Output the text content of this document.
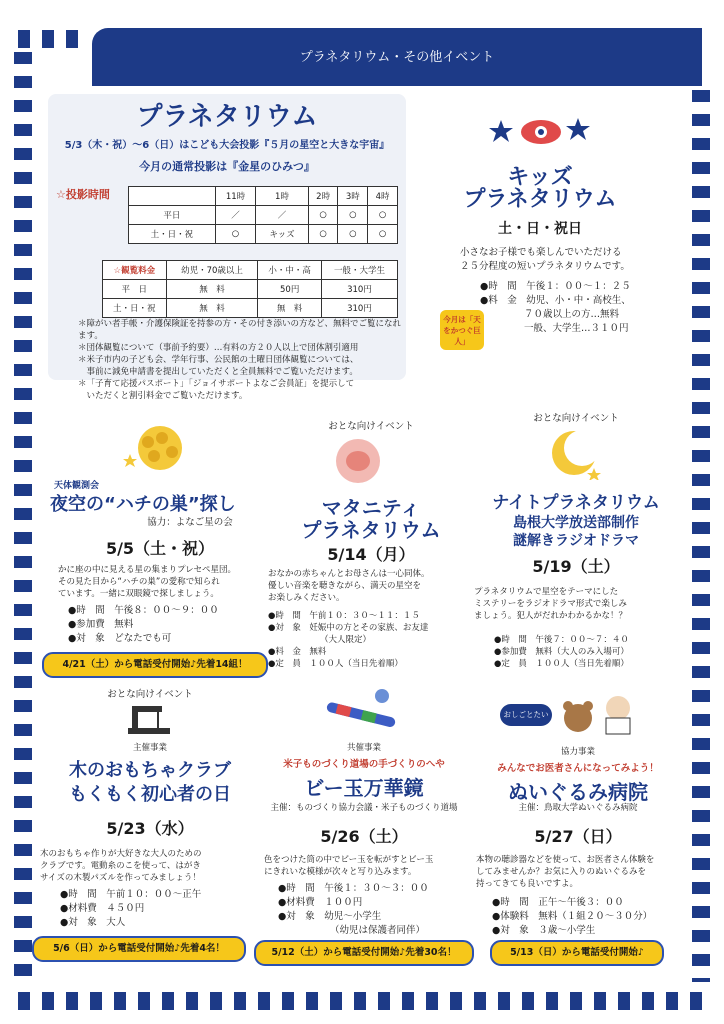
プラネタリウム・その他イベント
プラネタリウム
5/3（木・祝）～6（日）はこども大会投影『５月の星空と大きな宇宙』
今月の通常投影は『金星のひみつ』
☆投影時間
		11時	1時	2時	3時	4時
平日	／	／	○	○	○
土・日・祝	○	キッズ	○	○	○
☆観覧料金	幼児・70歳以上	小・中・高	一般・大学生
平　日	無　料	50円	310円
土・日・祝	無　料	無　料	310円
＊障がい者手帳・介護保険証を持参の方・その付き添いの方など、無料でご覧になれます。
＊団体観覧について（事前予約要）…有料の方２０人以上で団体割引適用
＊米子市内の子ども会、学年行事、公民館の土曜日団体観覧については、
　事前に減免申請書を提出していただくと全員無料でご覧いただけます。
＊「子育て応援パスポート」「ジョイサポートよなご会員証」を提示して
　いただくと割引料金でご覧いただけます。
キッズ
プラネタリウム
土・日・祝日
小さなお子様でも楽しんでいただける
２５分程度の短いプラネタリウムです。
●時　間　午後１：００～１：２５
●料　金　幼児、小・中・高校生、
７０歳以上の方…無料
一般、大学生…３１０円
今月は「天をかつぐ巨人」
天体観測会
夜空の“ハチの巣”探し
協力：よなご星の会
5/5（土・祝）
かに座の中に見える星の集まりプレセペ星団。
その見た目から“ハチの巣”の愛称で知られ
ています。一緒に双眼鏡で探しましょう。
●時　間　午後８：００～９：００
●参加費　無料
●対　象　どなたでも可
4/21（土）から電話受付開始♪先着14組！
おとな向けイベント
マタニティ
プラネタリウム
5/14（月）
おなかの赤ちゃんとお母さんは一心同体。
優しい音楽を聴きながら、満天の星空を
お楽しみください。
●時　間　午前１０：３０～１１：１５
●対　象　妊娠中の方とその家族、お友達
（大人限定）
●料　金　無料
●定　員　１００人（当日先着順）
おとな向けイベント
ナイトプラネタリウム
島根大学放送部制作
謎解きラジオドラマ
5/19（土）
プラネタリウムで星空をテーマにした
ミステリーをラジオドラマ形式で楽しみ
ましょう。犯人がだれかわかるかな！？
●時　間　午後７：００～７：４０
●参加費　無料（大人のみ入場可）
●定　員　１００人（当日先着順）
おとな向けイベント
主催事業
木のおもちゃクラブ
もくもく初心者の日
5/23（水）
木のおもちゃ作りが大好きな大人のための
クラブです。電動糸のこを使って、はがき
サイズの木製パズルを作ってみましょう！
●時　間　午前１０：００～正午
●材料費　４５０円
●対　象　大人
5/6（日）から電話受付開始♪先着4名！
共催事業
米子ものづくり道場の手づくりのへや
ビー玉万華鏡
主催：ものづくり協力会議・米子ものづくり道場
5/26（土）
色をつけた筒の中でビー玉を転がすとビー玉
にきれいな模様が次々と写り込みます。
●時　間　午後１：３０～３：００
●材料費　１００円
●対　象　幼児～小学生
（幼児は保護者同伴）
5/12（土）から電話受付開始♪先着30名！
おしごとたいけん
協力事業
みんなでお医者さんになってみよう！
ぬいぐるみ病院
主催：鳥取大学ぬいぐるみ病院
5/27（日）
本物の聴診器などを使って、お医者さん体験を
してみませんか？お気に入りのぬいぐるみを
持ってきても良いですよ。
●時　間　正午～午後３：００
●体験料　無料（１組２０～３０分）
●対　象　３歳～小学生
5/13（日）から電話受付開始♪
